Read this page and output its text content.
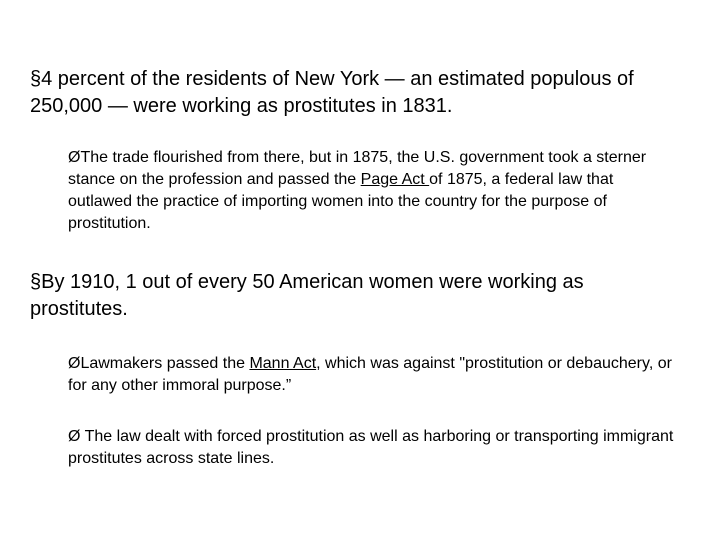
§4 percent of the residents of New York — an estimated populous of 250,000 — were working as prostitutes in 1831.

ØThe trade flourished from there, but in 1875, the U.S. government took a sterner stance on the profession and passed the Page Act of 1875, a federal law that outlawed the practice of importing women into the country for the purpose of prostitution.

§By 1910, 1 out of every 50 American women were working as prostitutes.

ØLawmakers passed the Mann Act, which was against "prostitution or debauchery, or for any other immoral purpose.”

Ø The law dealt with forced prostitution as well as harboring or transporting immigrant prostitutes across state lines.
